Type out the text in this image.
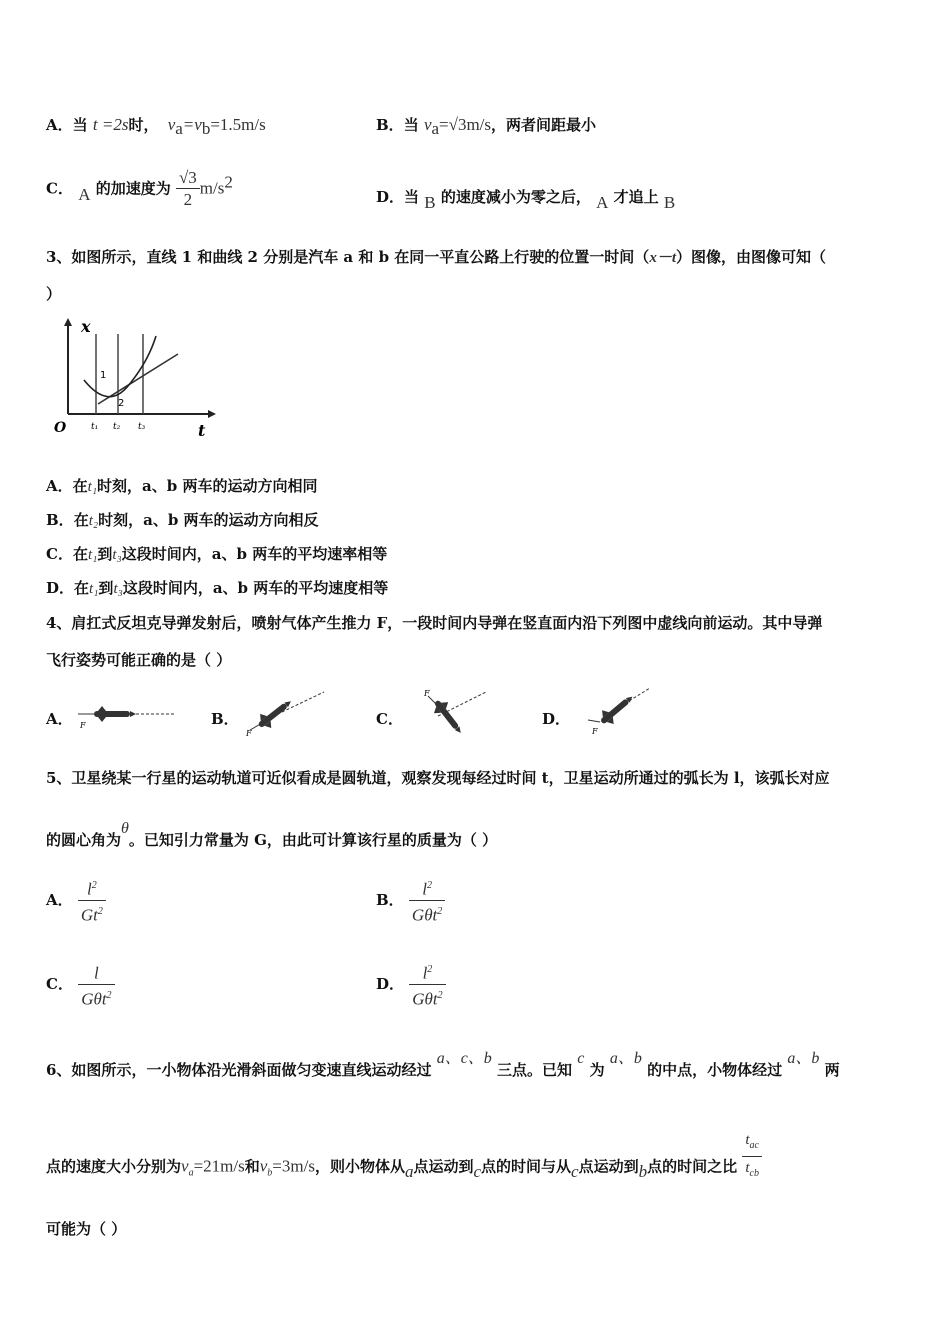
A．当 t =2s时， $v_a=v_b=1.5m/s$	B．当 $v_a=√3m/s$，两者间距最小
C． A 的加速度为 $\frac{√3}{2} m/s^2$
D．当 B 的速度减小为零之后， A 才追上 B
3、如图所示，直线 1 和曲线 2 分别是汽车 a 和 b 在同一平直公路上行驶的位置一时间（x－t）图像，由图像可知（
）
x
t
O
1
2
t₁ t₂ t₃
A．在t₁时刻，a、b 两车的运动方向相同
B．在t₂时刻，a、b 两车的运动方向相反
C．在t₁到t₃这段时间内，a、b 两车的平均速率相等
D．在t₁到t₃这段时间内，a、b 两车的平均速度相等
4、肩扛式反坦克导弹发射后，喷射气体产生推力 F，一段时间内导弹在竖直面内沿下列图中虚线向前运动。其中导弹
飞行姿势可能正确的是（ ）
A． F	B．
F
C．
F
D．
F
5、卫星绕某一行星的运动轨道可近似看成是圆轨道，观察发现每经过时间 t，卫星运动所通过的弧长为 l，该弧长对应
的圆心角为θ。已知引力常量为 G，由此可计算该行星的质量为（ ）
A． $\frac{l^2}{Gt^2}$	B． $\frac{l^2}{G\theta t^2}$
C． $\frac{l}{G\theta t^2}$	D． $\frac{l^2}{G\theta t^2}$
6、如图所示，一小物体沿光滑斜面做匀变速直线运动经过 a、c、b 三点。已知 c 为 a、b 的中点，小物体经过 a、b 两
点的速度大小分别为$v_a=21m/s$和$v_b=3m/s$，则小物体从a点运动到c点的时间与从c点运动到b点的时间之比 $\frac{t_{ac}}{t_{cb}}$
可能为（ ）
